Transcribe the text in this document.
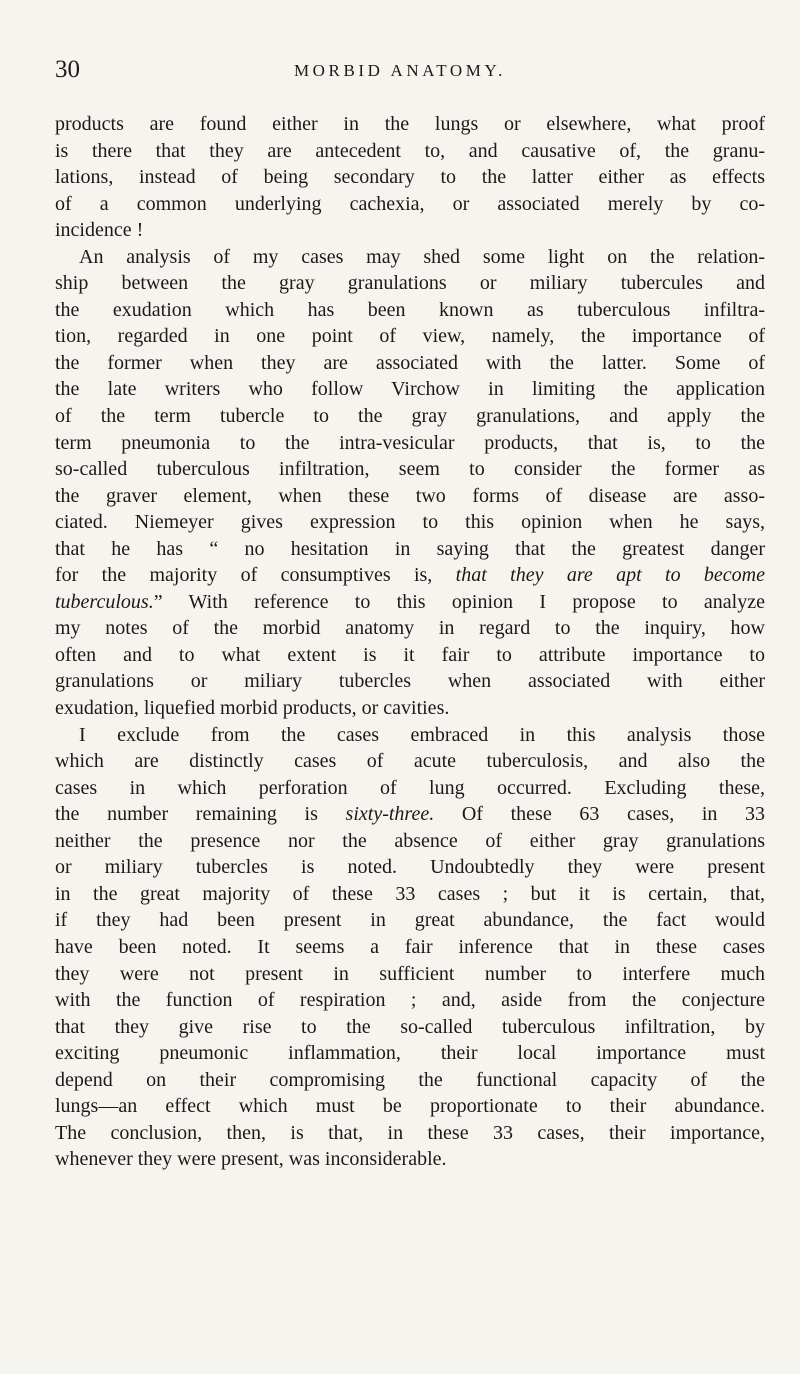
30	MORBID ANATOMY.
products are found either in the lungs or elsewhere, what proof
is there that they are antecedent to, and causative of, the granu-
lations, instead of being secondary to the latter either as effects
of a common underlying cachexia, or associated merely by co-
incidence !
An analysis of my cases may shed some light on the relation-
ship between the gray granulations or miliary tubercules and
the exudation which has been known as tuberculous infiltra-
tion, regarded in one point of view, namely, the importance of
the former when they are associated with the latter. Some of
the late writers who follow Virchow in limiting the application
of the term tubercle to the gray granulations, and apply the
term pneumonia to the intra-vesicular products, that is, to the
so-called tuberculous infiltration, seem to consider the former as
the graver element, when these two forms of disease are asso-
ciated. Niemeyer gives expression to this opinion when he says,
that he has “ no hesitation in saying that the greatest danger
for the majority of consumptives is, that they are apt to become
tuberculous.” With reference to this opinion I propose to analyze
my notes of the morbid anatomy in regard to the inquiry, how
often and to what extent is it fair to attribute importance to
granulations or miliary tubercles when associated with either
exudation, liquefied morbid products, or cavities.
I exclude from the cases embraced in this analysis those
which are distinctly cases of acute tuberculosis, and also the
cases in which perforation of lung occurred. Excluding these,
the number remaining is sixty-three. Of these 63 cases, in 33
neither the presence nor the absence of either gray granulations
or miliary tubercles is noted. Undoubtedly they were present
in the great majority of these 33 cases ; but it is certain, that,
if they had been present in great abundance, the fact would
have been noted. It seems a fair inference that in these cases
they were not present in sufficient number to interfere much
with the function of respiration ; and, aside from the conjecture
that they give rise to the so-called tuberculous infiltration, by
exciting pneumonic inflammation, their local importance must
depend on their compromising the functional capacity of the
lungs—an effect which must be proportionate to their abundance.
The conclusion, then, is that, in these 33 cases, their importance,
whenever they were present, was inconsiderable.
